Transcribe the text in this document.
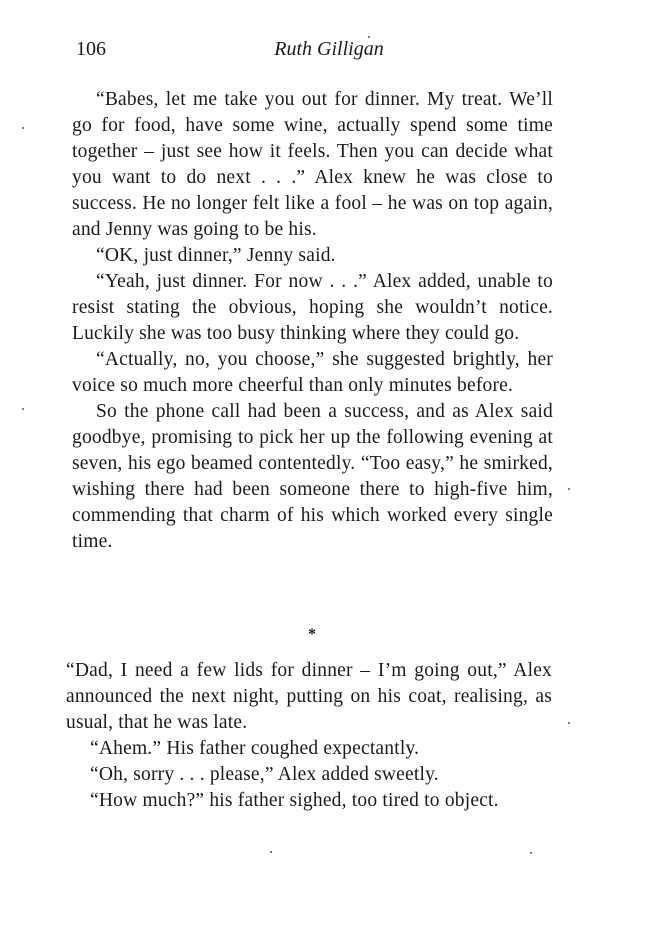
106	Ruth Gilligan

“Babes, let me take you out for dinner. My treat. We’ll go for food, have some wine, actually spend some time together – just see how it feels. Then you can decide what you want to do next . . .” Alex knew he was close to success. He no longer felt like a fool – he was on top again, and Jenny was going to be his.

“OK, just dinner,” Jenny said.

“Yeah, just dinner. For now . . .” Alex added, unable to resist stating the obvious, hoping she wouldn’t notice. Luckily she was too busy thinking where they could go.

“Actually, no, you choose,” she suggested brightly, her voice so much more cheerful than only minutes before.

So the phone call had been a success, and as Alex said goodbye, promising to pick her up the following evening at seven, his ego beamed contentedly. “Too easy,” he smirked, wishing there had been someone there to high-five him, commending that charm of his which worked every single time.

*

“Dad, I need a few lids for dinner – I’m going out,” Alex announced the next night, putting on his coat, realising, as usual, that he was late.

“Ahem.” His father coughed expectantly.

“Oh, sorry . . . please,” Alex added sweetly.

“How much?” his father sighed, too tired to object.
